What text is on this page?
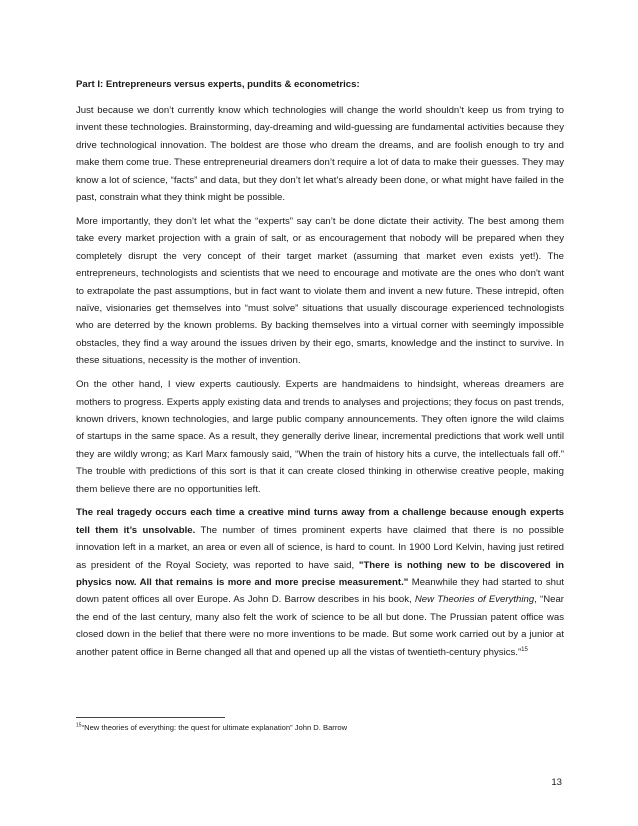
Part I: Entrepreneurs versus experts, pundits & econometrics:

Just because we don’t currently know which technologies will change the world shouldn’t keep us from trying to invent these technologies. Brainstorming, day-dreaming and wild-guessing are fundamental activities because they drive technological innovation. The boldest are those who dream the dreams, and are foolish enough to try and make them come true. These entrepreneurial dreamers don’t require a lot of data to make their guesses. They may know a lot of science, “facts” and data, but they don’t let what’s already been done, or what might have failed in the past, constrain what they think might be possible.

More importantly, they don’t let what the “experts” say can’t be done dictate their activity. The best among them take every market projection with a grain of salt, or as encouragement that nobody will be prepared when they completely disrupt the very concept of their target market (assuming that market even exists yet!). The entrepreneurs, technologists and scientists that we need to encourage and motivate are the ones who don't want to extrapolate the past assumptions, but in fact want to violate them and invent a new future. These intrepid, often naïve, visionaries get themselves into “must solve” situations that usually discourage experienced technologists who are deterred by the known problems. By backing themselves into a virtual corner with seemingly impossible obstacles, they find a way around the issues driven by their ego, smarts, knowledge and the instinct to survive. In these situations, necessity is the mother of invention.

On the other hand, I view experts cautiously. Experts are handmaidens to hindsight, whereas dreamers are mothers to progress. Experts apply existing data and trends to analyses and projections; they focus on past trends, known drivers, known technologies, and large public company announcements. They often ignore the wild claims of startups in the same space. As a result, they generally derive linear, incremental predictions that work well until they are wildly wrong; as Karl Marx famously said, “When the train of history hits a curve, the intellectuals fall off.” The trouble with predictions of this sort is that it can create closed thinking in otherwise creative people, making them believe there are no opportunities left.

The real tragedy occurs each time a creative mind turns away from a challenge because enough experts tell them it’s unsolvable. The number of times prominent experts have claimed that there is no possible innovation left in a market, an area or even all of science, is hard to count. In 1900 Lord Kelvin, having just retired as president of the Royal Society, was reported to have said, "There is nothing new to be discovered in physics now. All that remains is more and more precise measurement." Meanwhile they had started to shut down patent offices all over Europe. As John D. Barrow describes in his book, New Theories of Everything, “Near the end of the last century, many also felt the work of science to be all but done. The Prussian patent office was closed down in the belief that there were no more inventions to be made. But some work carried out by a junior at another patent office in Berne changed all that and opened up all the vistas of twentieth-century physics.”$^{15}$

$^{15}$“New theories of everything: the quest for ultimate explanation” John D. Barrow
13
